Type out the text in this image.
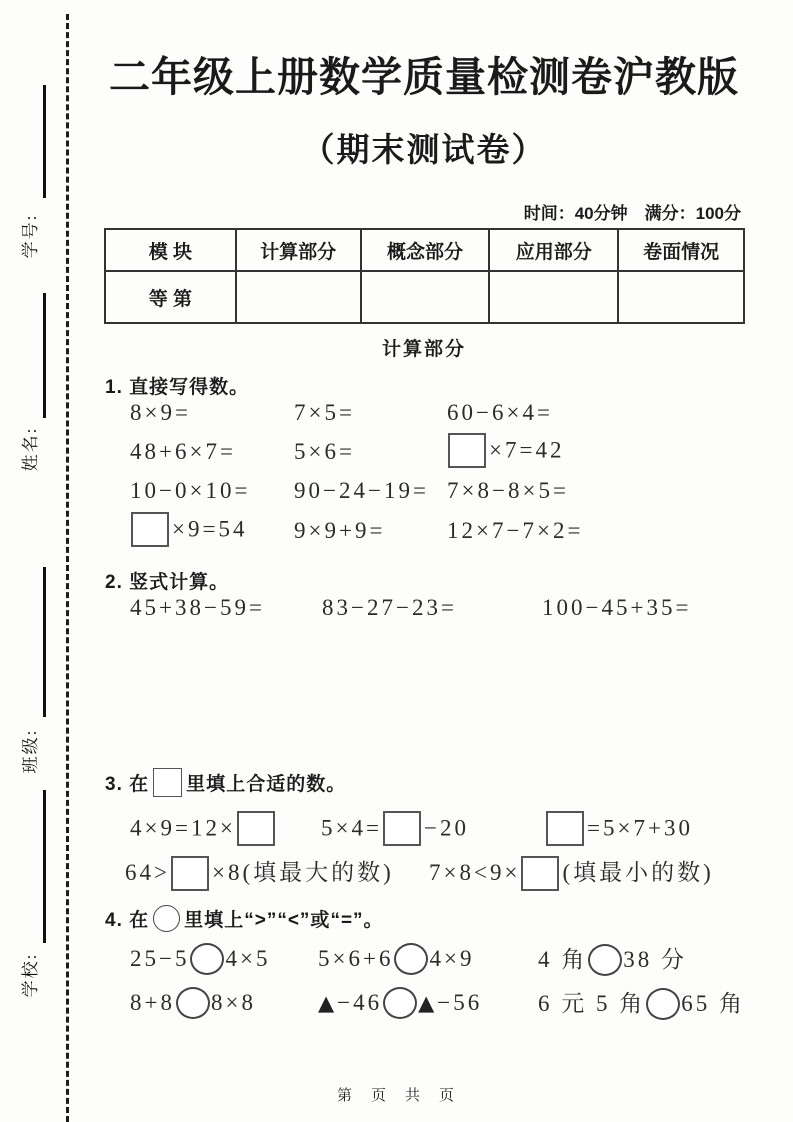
学号:
姓名:
班级:
学校:
二年级上册数学质量检测卷沪教版
（期末测试卷）
时间：40分钟　满分：100分
模 块	计算部分	概念部分	应用部分	卷面情况
等 第				
计算部分
1. 直接写得数。
8×9=	7×5=	60−6×4=
48+6×7=	5×6=	×7=42
10−0×10=	90−24−19= 7×8−8×5=
×9=54	9×9+9=	12×7−7×2=
2. 竖式计算。
45+38−59=	83−27−23=	100−45+35=
3. 在 里填上合适的数。
4×9=12×	5×4= −20	=5×7+30
64> ×8(填最大的数)	7×8<9× (填最小的数)
4. 在 里填上“>”“<”或“=”。
25−5 4×5	5×6+6 4×9	4 角 38 分
8+8 8×8	▲−46 ▲−56	6 元 5 角 65 角
第　页　共　页
